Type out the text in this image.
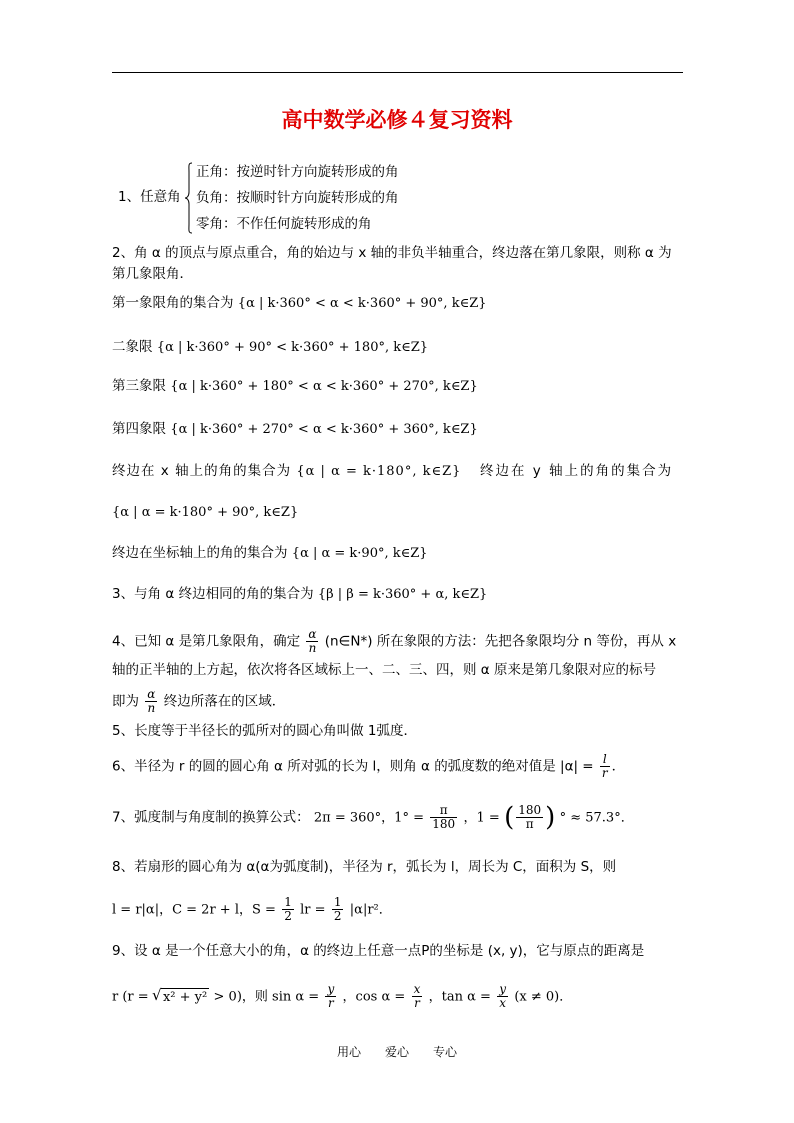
高中数学必修４复习资料
1、任意角
正角：按逆时针方向旋转形成的角
负角：按顺时针方向旋转形成的角
零角：不作任何旋转形成的角
2、角 α 的顶点与原点重合，角的始边与 x 轴的非负半轴重合，终边落在第几象限，则称 α 为
第几象限角．
第一象限角的集合为 {α | k·360° < α < k·360° + 90°, k∈Z}
二象限 {α | k·360° + 90° < k·360° + 180°, k∈Z}
第三象限 {α | k·360° + 180° < α < k·360° + 270°, k∈Z}
第四象限 {α | k·360° + 270° < α < k·360° + 360°, k∈Z}
终边在 x 轴上的角的集合为 {α | α = k·180°, k∈Z} 终边在 y 轴上的角的集合为
{α | α = k·180° + 90°, k∈Z}
终边在坐标轴上的角的集合为 {α | α = k·90°, k∈Z}
3、与角 α 终边相同的角的集合为 {β | β = k·360° + α, k∈Z}
4、已知 α 是第几象限角，确定 $\frac{\alpha}{n}$ (n∈N*) 所在象限的方法：先把各象限均分 n 等份，再从 x
轴的正半轴的上方起，依次将各区域标上一、二、三、四，则 α 原来是第几象限对应的标号
即为 $\frac{\alpha}{n}$ 终边所落在的区域．
5、长度等于半径长的弧所对的圆心角叫做 1弧度．
6、半径为 r 的圆的圆心角 α 所对弧的长为 l，则角 α 的弧度数的绝对值是 $|\alpha| = \frac{l}{r}$ ．
7、弧度制与角度制的换算公式： 2π = 360°，$1^\circ = \frac{\pi}{180}$ ，1 = ( $\frac{180}{\pi}$ ) ° ≈ 57.3°．
8、若扇形的圆心角为 α(α为弧度制)，半径为 r，弧长为 l，周长为 C，面积为 S，则
l = r|α|，C = 2r + l，$S = \frac{1}{2}$ lr = $\frac{1}{2} |\alpha|r^2$．
9、设 α 是一个任意大小的角，α 的终边上任意一点P的坐标是 (x, y)，它与原点的距离是
r (r = √ x² + y² > 0)，则 $\sin \alpha = \frac{y}{r}$ ，$\cos \alpha = \frac{x}{r}$ ，$\tan \alpha = \frac{y}{x} (x \ne 0)$．
用心　　爱心　　专心
